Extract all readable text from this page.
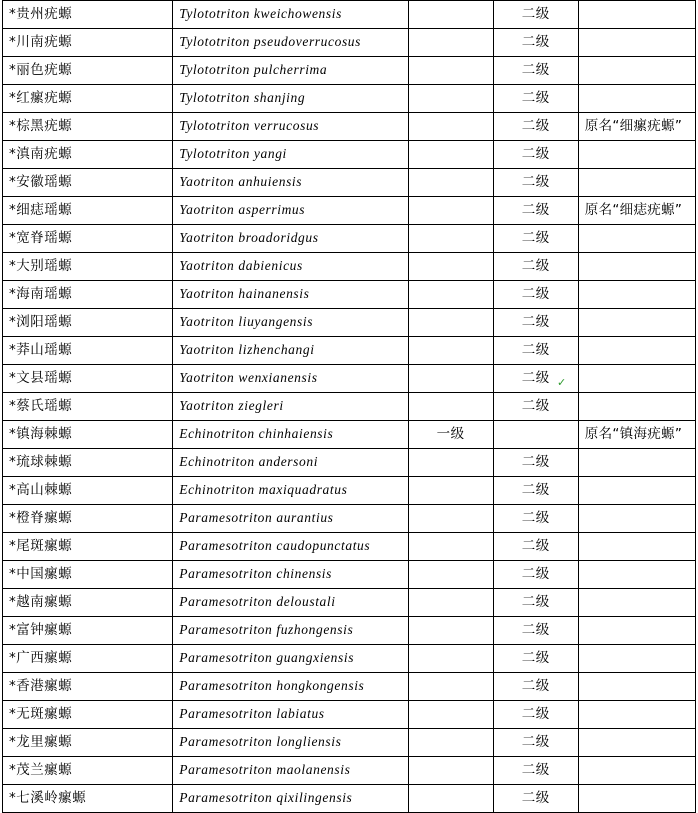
*贵州疣螈	Tylototriton kweichowensis		二级	
*川南疣螈	Tylototriton pseudoverrucosus		二级	
*丽色疣螈	Tylototriton pulcherrima		二级	
*红瘰疣螈	Tylototriton shanjing		二级	
*棕黑疣螈	Tylototriton verrucosus		二级	原名“细瘰疣螈”
*滇南疣螈	Tylototriton yangi		二级	
*安徽瑶螈	Yaotriton anhuiensis		二级	
*细痣瑶螈	Yaotriton asperrimus		二级	原名“细痣疣螈”
*宽脊瑶螈	Yaotriton broadoridgus		二级	
*大别瑶螈	Yaotriton dabienicus		二级	
*海南瑶螈	Yaotriton hainanensis		二级	
*浏阳瑶螈	Yaotriton liuyangensis		二级	
*莽山瑶螈	Yaotriton lizhenchangi		二级	
*文县瑶螈	Yaotriton wenxianensis		二级	
*蔡氏瑶螈	Yaotriton ziegleri		二级	
*镇海棘螈	Echinotriton chinhaiensis	一级		原名“镇海疣螈”
*琉球棘螈	Echinotriton andersoni		二级	
*高山棘螈	Echinotriton maxiquadratus		二级	
*橙脊瘰螈	Paramesotriton aurantius		二级	
*尾斑瘰螈	Paramesotriton caudopunctatus		二级	
*中国瘰螈	Paramesotriton chinensis		二级	
*越南瘰螈	Paramesotriton deloustali		二级	
*富钟瘰螈	Paramesotriton fuzhongensis		二级	
*广西瘰螈	Paramesotriton guangxiensis		二级	
*香港瘰螈	Paramesotriton hongkongensis		二级	
*无斑瘰螈	Paramesotriton labiatus		二级	
*龙里瘰螈	Paramesotriton longliensis		二级	
*茂兰瘰螈	Paramesotriton maolanensis		二级	
*七溪岭瘰螈	Paramesotriton qixilingensis		二级	
✓
